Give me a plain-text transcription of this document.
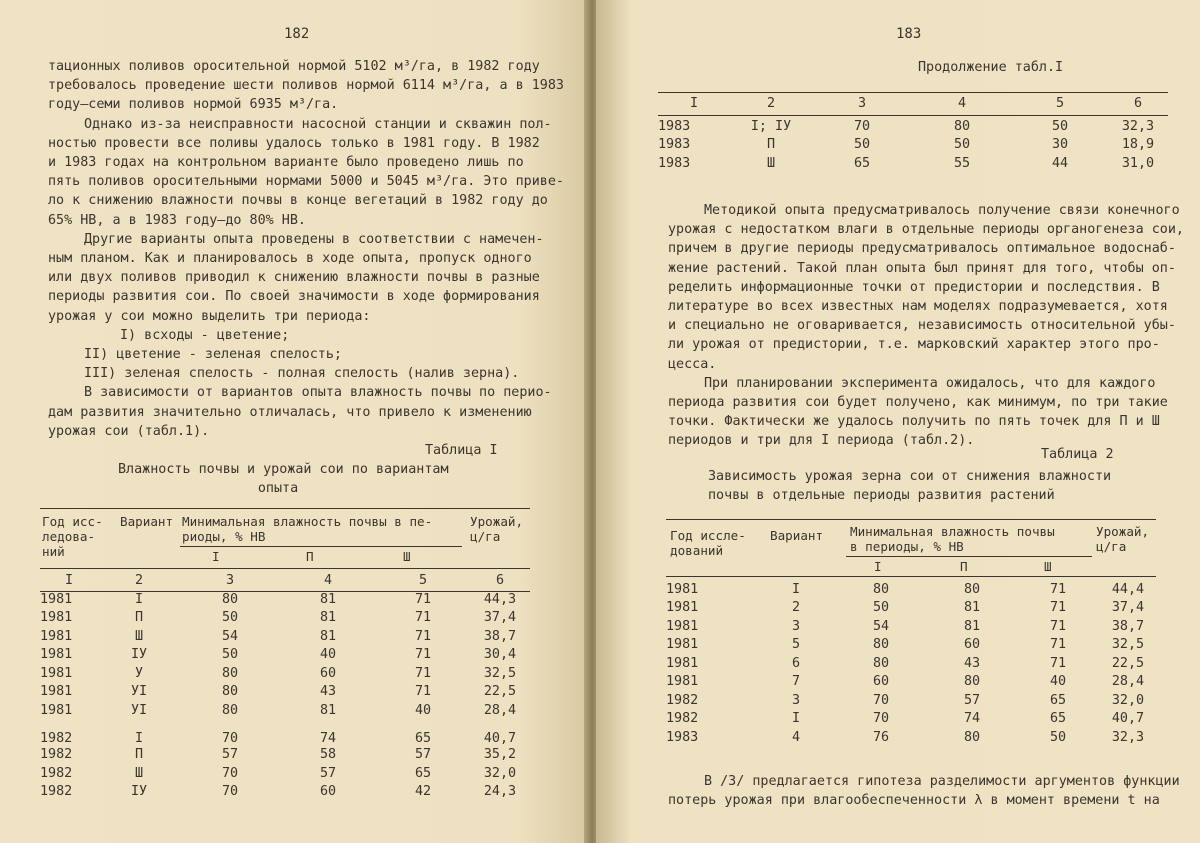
182
тационных поливов оросительной нормой 5102 м³/га, в 1982 году
требовалось проведение шести поливов нормой 6114 м³/га, а в 1983
году—семи поливов нормой 6935 м³/га.
Однако из-за неисправности насосной станции и скважин пол-
ностью провести все поливы удалось только в 1981 году. В 1982
и 1983 годах на контрольном варианте было проведено лишь по
пять поливов оросительными нормами 5000 и 5045 м³/га. Это приве-
ло к снижению влажности почвы в конце вегетаций в 1982 году до
65% НВ, а в 1983 году—до 80% НВ.
Другие варианты опыта проведены в соответствии с намечен-
ным планом. Как и планировалось в ходе опыта, пропуск одного
или двух поливов приводил к снижению влажности почвы в разные
периоды развития сои. По своей значимости в ходе формирования
урожая у сои можно выделить три периода:
I) всходы - цветение;
II) цветение - зеленая спелость;
III) зеленая спелость - полная спелость (налив зерна).
В зависимости от вариантов опыта влажность почвы по перио-
дам развития значительно отличалась, что привело к изменению
урожая сои (табл.1).
Таблица I
Влажность почвы и урожай сои по вариантам
опыта
Год исс-
ледова-
ний
Вариант Минимальная влажность почвы в пе-
риоды, % НВ
Урожай,
ц/га
I	П	Ш
I	2	3	4	5	6
1981	I	80	81	71	44,3
1981	П	50	81	71	37,4
1981	Ш	54	81	71	38,7
1981	IУ	50	40	71	30,4
1981	У	80	60	71	32,5
1981	УI	80	43	71	22,5
1981	УI	80	81	40	28,4
1982	I	70	74	65	40,7
1982	П	57	58	57	35,2
1982	Ш	70	57	65	32,0
1982	IУ	70	60	42	24,3
183
Продолжение табл.I
I	2	3	4	5	6
1983	I; IУ	70	80	50	32,3
1983	П	50	50	30	18,9
1983	Ш	65	55	44	31,0
Методикой опыта предусматривалось получение связи конечного
урожая с недостатком влаги в отдельные периоды органогенеза сои,
причем в другие периоды предусматривалось оптимальное водоснаб-
жение растений. Такой план опыта был принят для того, чтобы оп-
ределить информационные точки от предистории и последствия. В
литературе во всех известных нам моделях подразумевается, хотя
и специально не оговаривается, независимость относительной убы-
ли урожая от предистории, т.е. марковский характер этого про-
цесса.
При планировании эксперимента ожидалось, что для каждого
периода развития сои будет получено, как минимум, по три такие
точки. Фактически же удалось получить по пять точек для П и Ш
периодов и три для I периода (табл.2).
Таблица 2
Зависимость урожая зерна сои от снижения влажности
почвы в отдельные периоды развития растений
Год иссле-
дований
Вариант Минимальная влажность почвы
в периоды, % НВ
Урожай,
ц/га
I	П	Ш
1981	I	80	80	71	44,4
1981	2	50	81	71	37,4
1981	3	54	81	71	38,7
1981	5	80	60	71	32,5
1981	6	80	43	71	22,5
1981	7	60	80	40	28,4
1982	3	70	57	65	32,0
1982	I	70	74	65	40,7
1983	4	76	80	50	32,3
В /3/ предлагается гипотеза разделимости аргументов функции
потерь урожая при влагообеспеченности λ в момент времени t на
